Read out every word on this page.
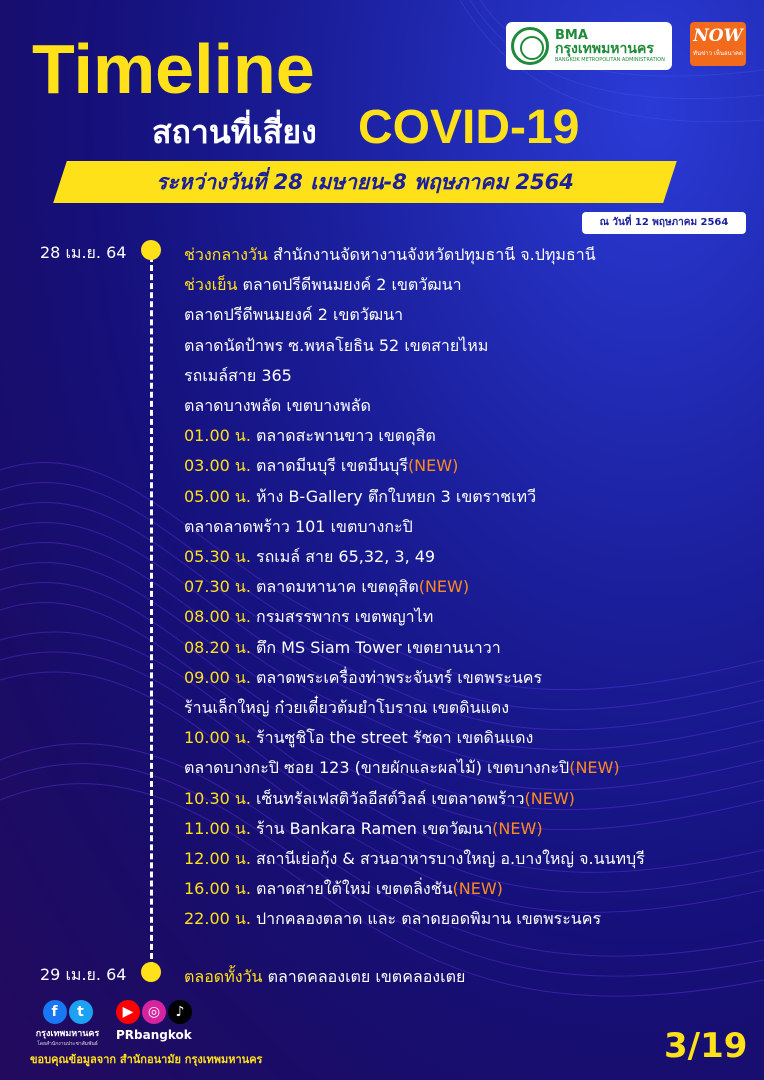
BMA
กรุงเทพมหานคร
BANGKOK METROPOLITAN ADMINISTRATION
NOW
ทันข่าว เห็นอนาคต
Timeline
สถานที่เสี่ยง COVID-19
ระหว่างวันที่ 28 เมษายน-8 พฤษภาคม 2564
ณ วันที่ 12 พฤษภาคม 2564
28 เม.ย. 64
29 เม.ย. 64
ช่วงกลางวัน สำนักงานจัดหางานจังหวัดปทุมธานี จ.ปทุมธานี
ช่วงเย็น ตลาดปรีดีพนมยงค์ 2 เขตวัฒนา
ตลาดปรีดีพนมยงค์ 2 เขตวัฒนา
ตลาดนัดป้าพร ซ.พหลโยธิน 52 เขตสายไหม
รถเมล์สาย 365
ตลาดบางพลัด เขตบางพลัด
01.00 น. ตลาดสะพานขาว เขตดุสิต
03.00 น. ตลาดมีนบุรี เขตมีนบุรี(NEW)
05.00 น. ห้าง B-Gallery ตึกใบหยก 3 เขตราชเทวี
ตลาดลาดพร้าว 101 เขตบางกะปิ
05.30 น. รถเมล์ สาย 65,32, 3, 49
07.30 น. ตลาดมหานาค เขตดุสิต(NEW)
08.00 น. กรมสรรพากร เขตพญาไท
08.20 น. ตึก MS Siam Tower เขตยานนาวา
09.00 น. ตลาดพระเครื่องท่าพระจันทร์ เขตพระนคร
ร้านเล็กใหญ่ ก๋วยเตี๋ยวต้มยำโบราณ เขตดินแดง
10.00 น. ร้านซูชิโอ the street รัชดา เขตดินแดง
ตลาดบางกะปิ ซอย 123 (ขายผักและผลไม้) เขตบางกะปิ(NEW)
10.30 น. เซ็นทรัลเฟสติวัลอีสต์วิลล์ เขตลาดพร้าว(NEW)
11.00 น. ร้าน Bankara Ramen เขตวัฒนา(NEW)
12.00 น. สถานีเย่อกุ้ง & สวนอาหารบางใหญ่ อ.บางใหญ่ จ.นนทบุรี
16.00 น. ตลาดสายใต้ใหม่ เขตตลิ่งชัน(NEW)
22.00 น. ปากคลองตลาด และ ตลาดยอดพิมาน เขตพระนคร
ตลอดทั้งวัน ตลาดคลองเตย เขตคลองเตย
f t
กรุงเทพมหานคร
โดยสำนักงานประชาสัมพันธ์
▶ ◎ ♪
PRbangkok
ขอบคุณข้อมูลจาก สำนักอนามัย กรุงเทพมหานคร	3/19
